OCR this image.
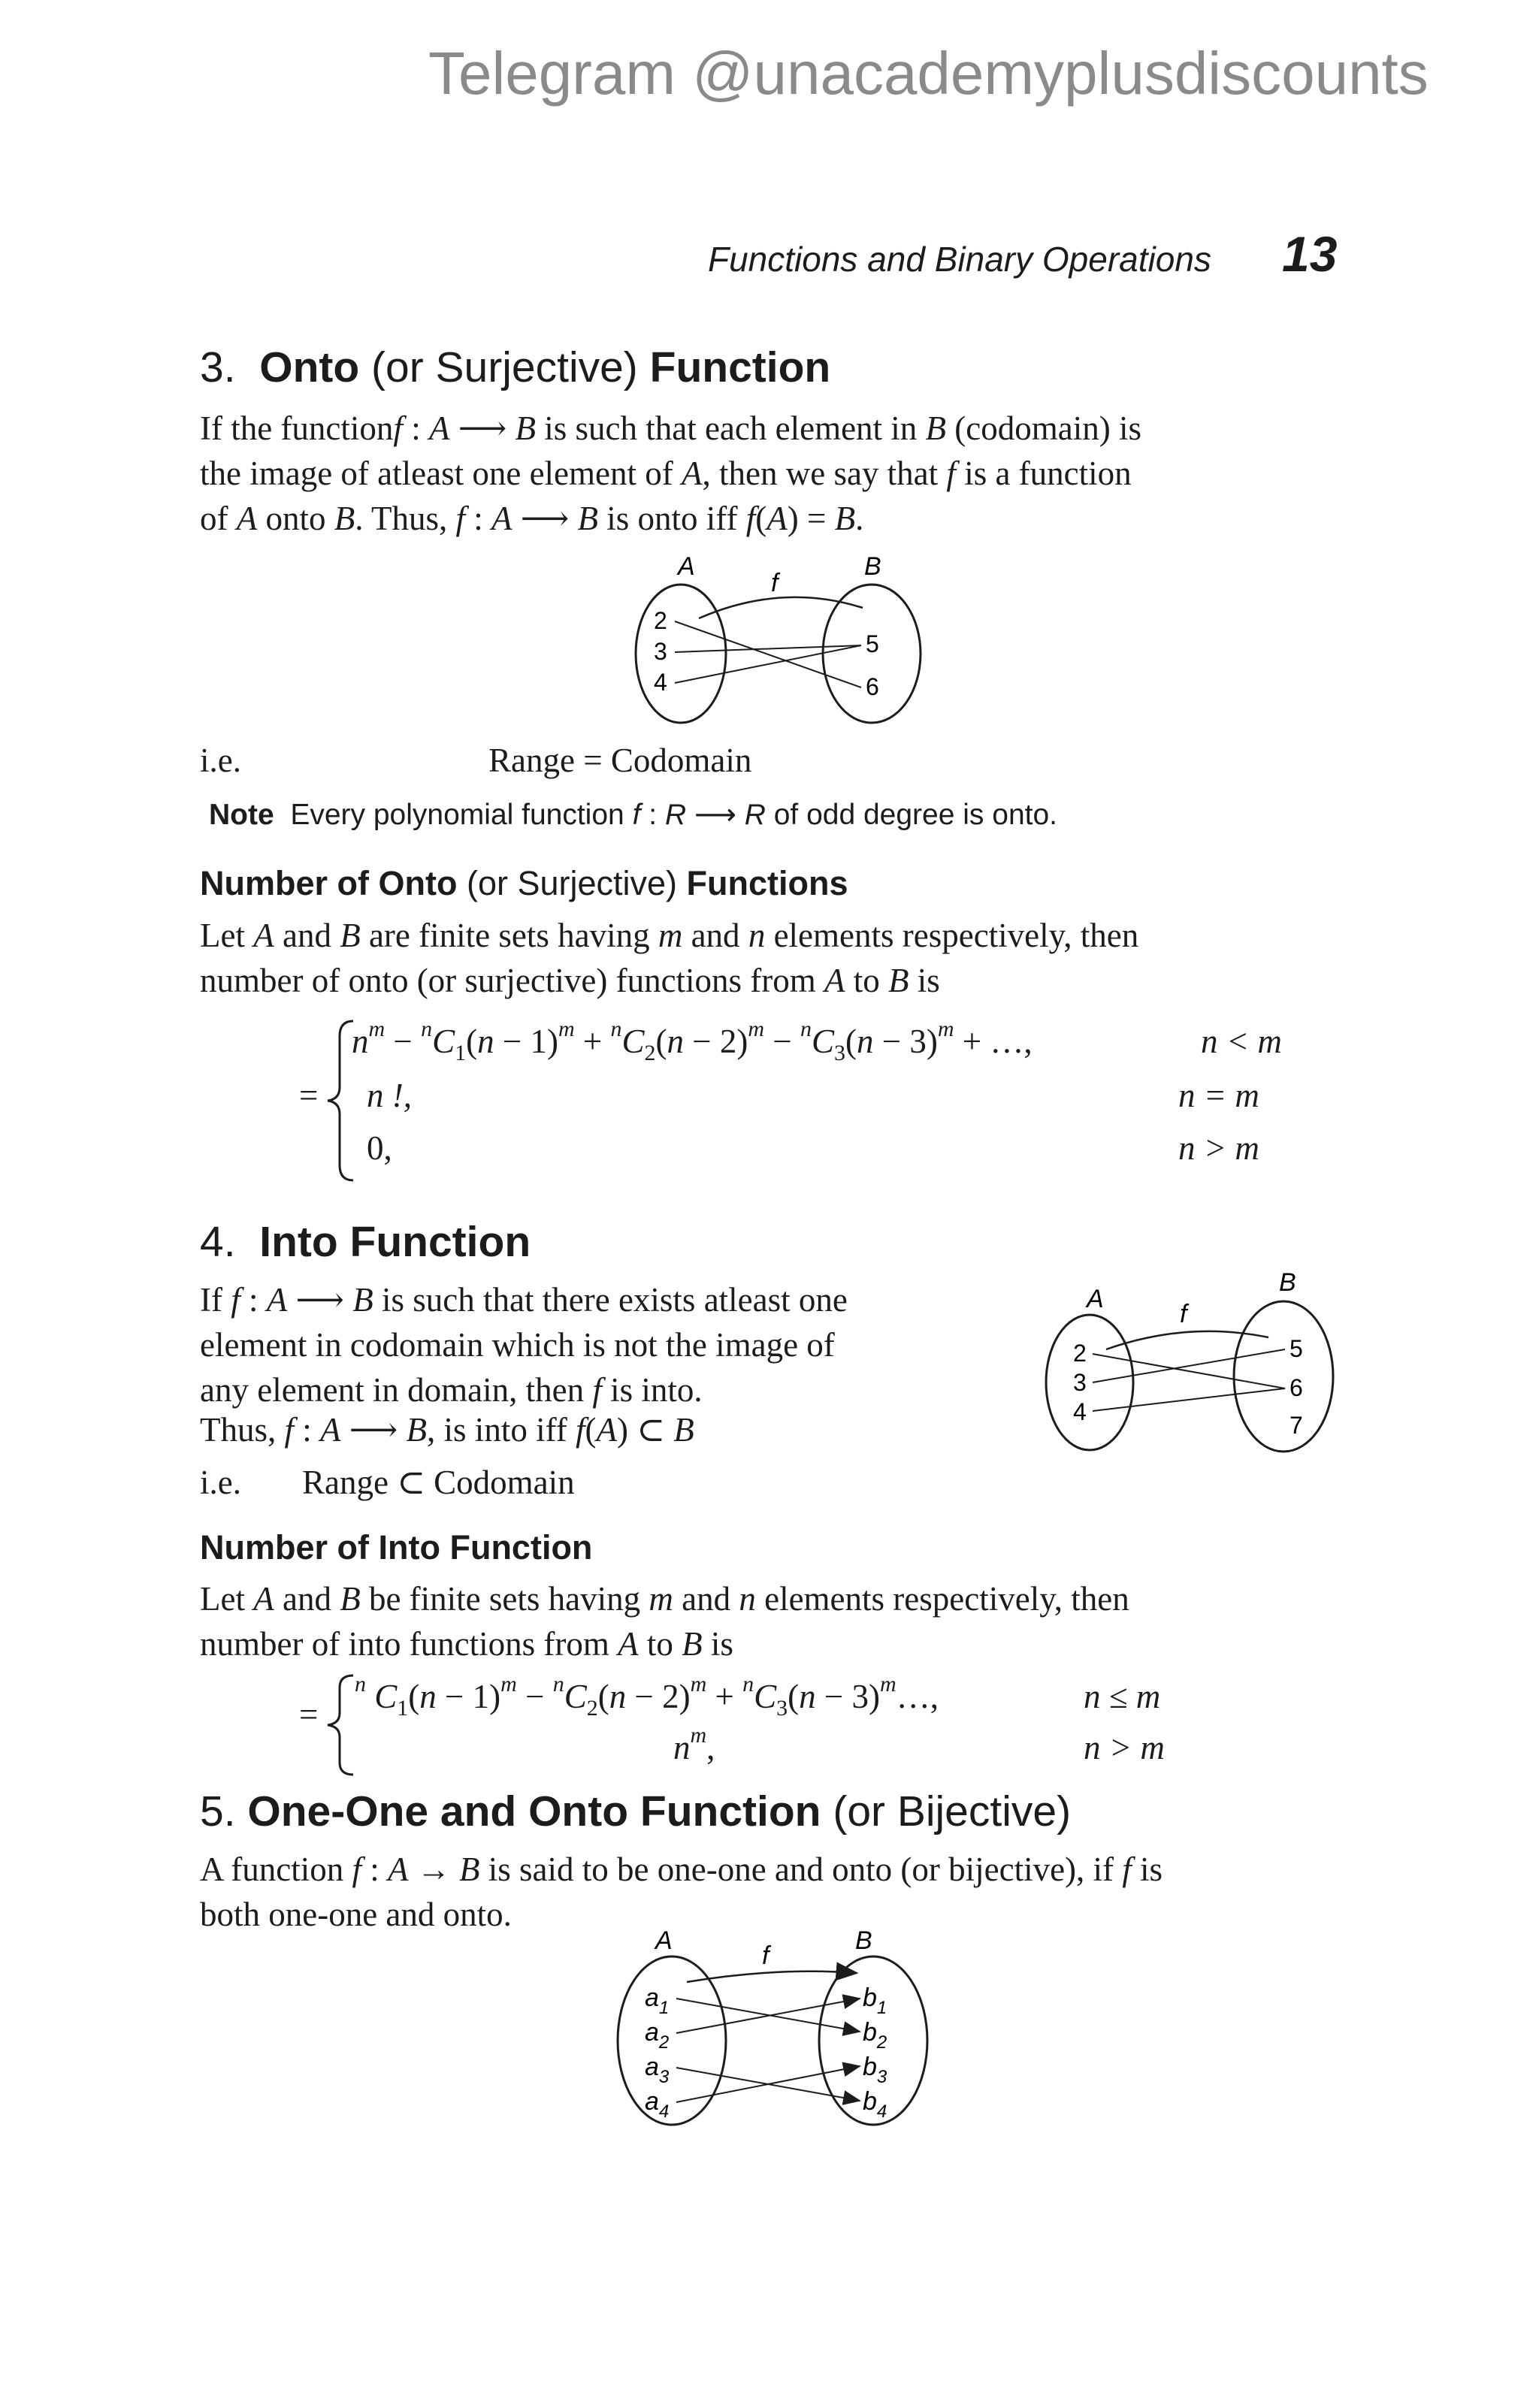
Telegram @unacademyplusdiscounts
Functions and Binary Operations 13
3. Onto (or Surjective) Function
If the functionf : A ⟶ B is such that each element in B (codomain) is
the image of atleast one element of A, then we say that f is a function
of A onto B. Thus, f : A ⟶ B is onto iff f(A) = B.
A
f
B
2
3
4
5
6
i.e.	Range = Codomain
Note Every polynomial function f : R ⟶ R of odd degree is onto.
Number of Onto (or Surjective) Functions
Let A and B are finite sets having m and n elements respectively, then
number of onto (or surjective) functions from A to B is
=
$n^m - ^nC_1(n - 1)^m + ^nC_2(n - 2)^m - ^nC_3(n - 3)^m$ + …,	n < m
n !,	n = m
0,	n > m
4. Into Function
If f : A ⟶ B is such that there exists atleast one
element in codomain which is not the image of
any element in domain, then f is into.
Thus, f : A ⟶ B, is into iff f(A) ⊂ B
i.e. Range ⊂ Codomain
A
f
B
2
3
4
5
6
7
Number of Into Function
Let A and B be finite sets having m and n elements respectively, then
number of into functions from A to B is
=
$^n$ $C_1(n - 1)^m - ^nC_2(n - 2)^m + ^nC_3(n$ − $3)^m\dots$,	n ≤ m
$n^m$,	n > m
5. One-One and Onto Function (or Bijective)
A function f : A → B is said to be one-one and onto (or bijective), if f is
both one-one and onto.
A
f
B
$a_1$
$a_2$
$a_3$
$a_4$
$b_1$
$b_2$
$b_3$
$b_4$
